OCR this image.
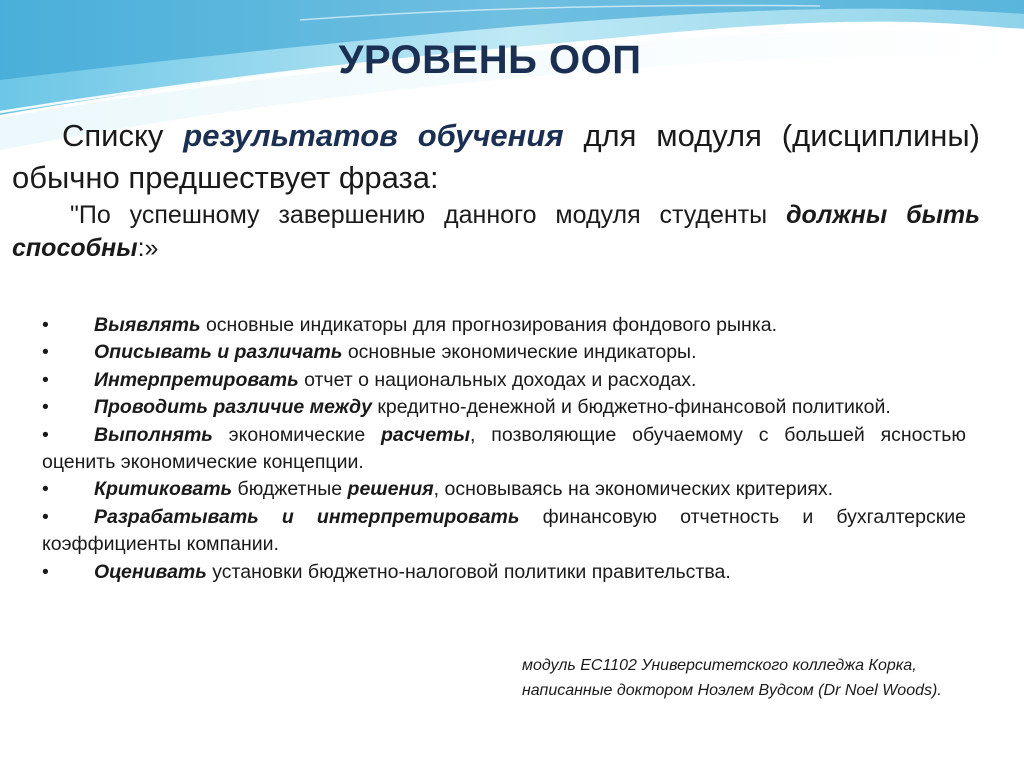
УРОВЕНЬ ООП
Списку результатов обучения для модуля (дисциплины) обычно предшествует фраза:
"По успешному завершению данного модуля студенты должны быть способны:»
• Выявлять основные индикаторы для прогнозирования фондового рынка.
• Описывать и различать основные экономические индикаторы.
• Интерпретировать отчет о национальных доходах и расходах.
• Проводить различие между кредитно-денежной и бюджетно-финансовой политикой.
• Выполнять экономические расчеты, позволяющие обучаемому с большей ясностью оценить экономические концепции.
• Критиковать бюджетные решения, основываясь на экономических критериях.
• Разрабатывать и интерпретировать финансовую отчетность и бухгалтерские коэффициенты компании.
• Оценивать установки бюджетно-налоговой политики правительства.
модуль EC1102 Университетского колледжа Корка, написанные доктором Ноэлем Вудсом (Dr Noel Woods).
